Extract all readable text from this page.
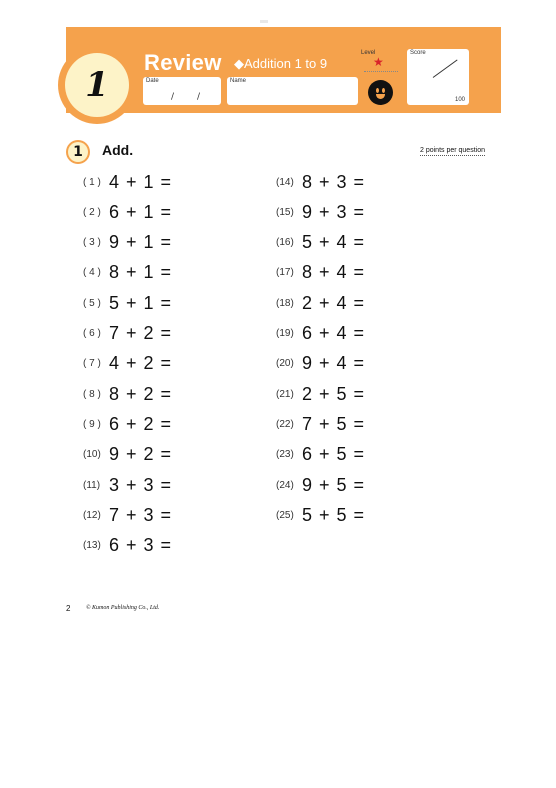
1
Review ◆Addition 1 to 9
Date
/	/
Name
Level
★
Score
100
1	Add.	2 points per question
( 1 ) 4 + 1 =
( 2 ) 6 + 1 =
( 3 ) 9 + 1 =
( 4 ) 8 + 1 =
( 5 ) 5 + 1 =
( 6 ) 7 + 2 =
( 7 ) 4 + 2 =
( 8 ) 8 + 2 =
( 9 ) 6 + 2 =
(10) 9 + 2 =
(11) 3 + 3 =
(12) 7 + 3 =
(13) 6 + 3 =
(14) 8 + 3 =
(15) 9 + 3 =
(16) 5 + 4 =
(17) 8 + 4 =
(18) 2 + 4 =
(19) 6 + 4 =
(20) 9 + 4 =
(21) 2 + 5 =
(22) 7 + 5 =
(23) 6 + 5 =
(24) 9 + 5 =
(25) 5 + 5 =
2	© Kumon Publishing Co., Ltd.
